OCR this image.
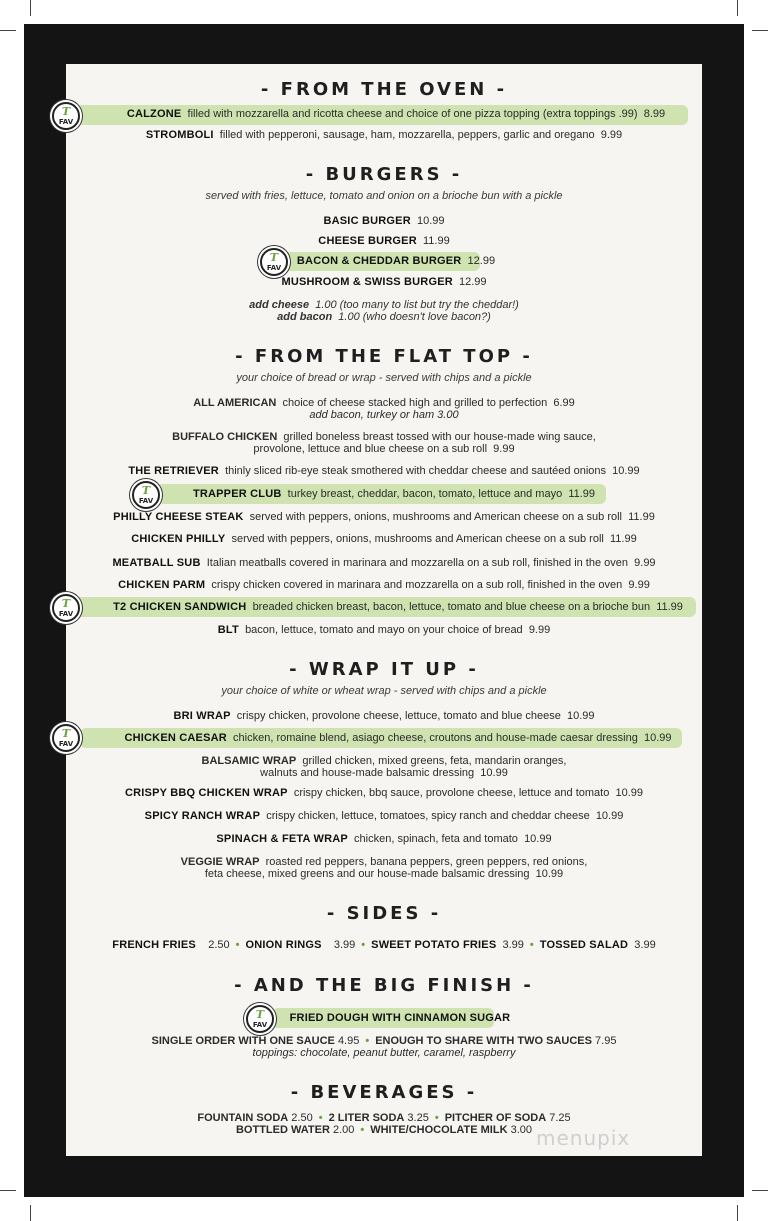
T
FAV
T
FAV
T
FAV
T
FAV
T
FAV
T
FAV
- FROM THE OVEN -
CALZONE filled with mozzarella and ricotta cheese and choice of one pizza topping (extra toppings .99) 8.99
STROMBOLI filled with pepperoni, sausage, ham, mozzarella, peppers, garlic and oregano 9.99
- BURGERS -
served with fries, lettuce, tomato and onion on a brioche bun with a pickle
BASIC BURGER 10.99
CHEESE BURGER 11.99
BACON & CHEDDAR BURGER 12.99
MUSHROOM & SWISS BURGER 12.99
add cheese 1.00 (too many to list but try the cheddar!)
add bacon 1.00 (who doesn't love bacon?)
- FROM THE FLAT TOP -
your choice of bread or wrap - served with chips and a pickle
ALL AMERICAN choice of cheese stacked high and grilled to perfection 6.99
add bacon, turkey or ham 3.00
BUFFALO CHICKEN grilled boneless breast tossed with our house-made wing sauce,
provolone, lettuce and blue cheese on a sub roll 9.99
THE RETRIEVER thinly sliced rib-eye steak smothered with cheddar cheese and sautéed onions 10.99
TRAPPER CLUB turkey breast, cheddar, bacon, tomato, lettuce and mayo 11.99
PHILLY CHEESE STEAK served with peppers, onions, mushrooms and American cheese on a sub roll 11.99
CHICKEN PHILLY served with peppers, onions, mushrooms and American cheese on a sub roll 11.99
MEATBALL SUB Italian meatballs covered in marinara and mozzarella on a sub roll, finished in the oven 9.99
CHICKEN PARM crispy chicken covered in marinara and mozzarella on a sub roll, finished in the oven 9.99
T2 CHICKEN SANDWICH breaded chicken breast, bacon, lettuce, tomato and blue cheese on a brioche bun 11.99
BLT bacon, lettuce, tomato and mayo on your choice of bread 9.99
- WRAP IT UP -
your choice of white or wheat wrap - served with chips and a pickle
BRI WRAP crispy chicken, provolone cheese, lettuce, tomato and blue cheese 10.99
CHICKEN CAESAR chicken, romaine blend, asiago cheese, croutons and house-made caesar dressing 10.99
BALSAMIC WRAP grilled chicken, mixed greens, feta, mandarin oranges,
walnuts and house-made balsamic dressing 10.99
CRISPY BBQ CHICKEN WRAP crispy chicken, bbq sauce, provolone cheese, lettuce and tomato 10.99
SPICY RANCH WRAP crispy chicken, lettuce, tomatoes, spicy ranch and cheddar cheese 10.99
SPINACH & FETA WRAP chicken, spinach, feta and tomato 10.99
VEGGIE WRAP roasted red peppers, banana peppers, green peppers, red onions,
feta cheese, mixed greens and our house-made balsamic dressing 10.99
- SIDES -
FRENCH FRIES 2.50 • ONION RINGS 3.99 • SWEET POTATO FRIES 3.99 • TOSSED SALAD 3.99
- AND THE BIG FINISH -
FRIED DOUGH WITH CINNAMON SUGAR
SINGLE ORDER WITH ONE SAUCE 4.95 • ENOUGH TO SHARE WITH TWO SAUCES 7.95
toppings: chocolate, peanut butter, caramel, raspberry
- BEVERAGES -
FOUNTAIN SODA 2.50 • 2 LITER SODA 3.25 • PITCHER OF SODA 7.25
BOTTLED WATER 2.00 • WHITE/CHOCOLATE MILK 3.00 menupix
